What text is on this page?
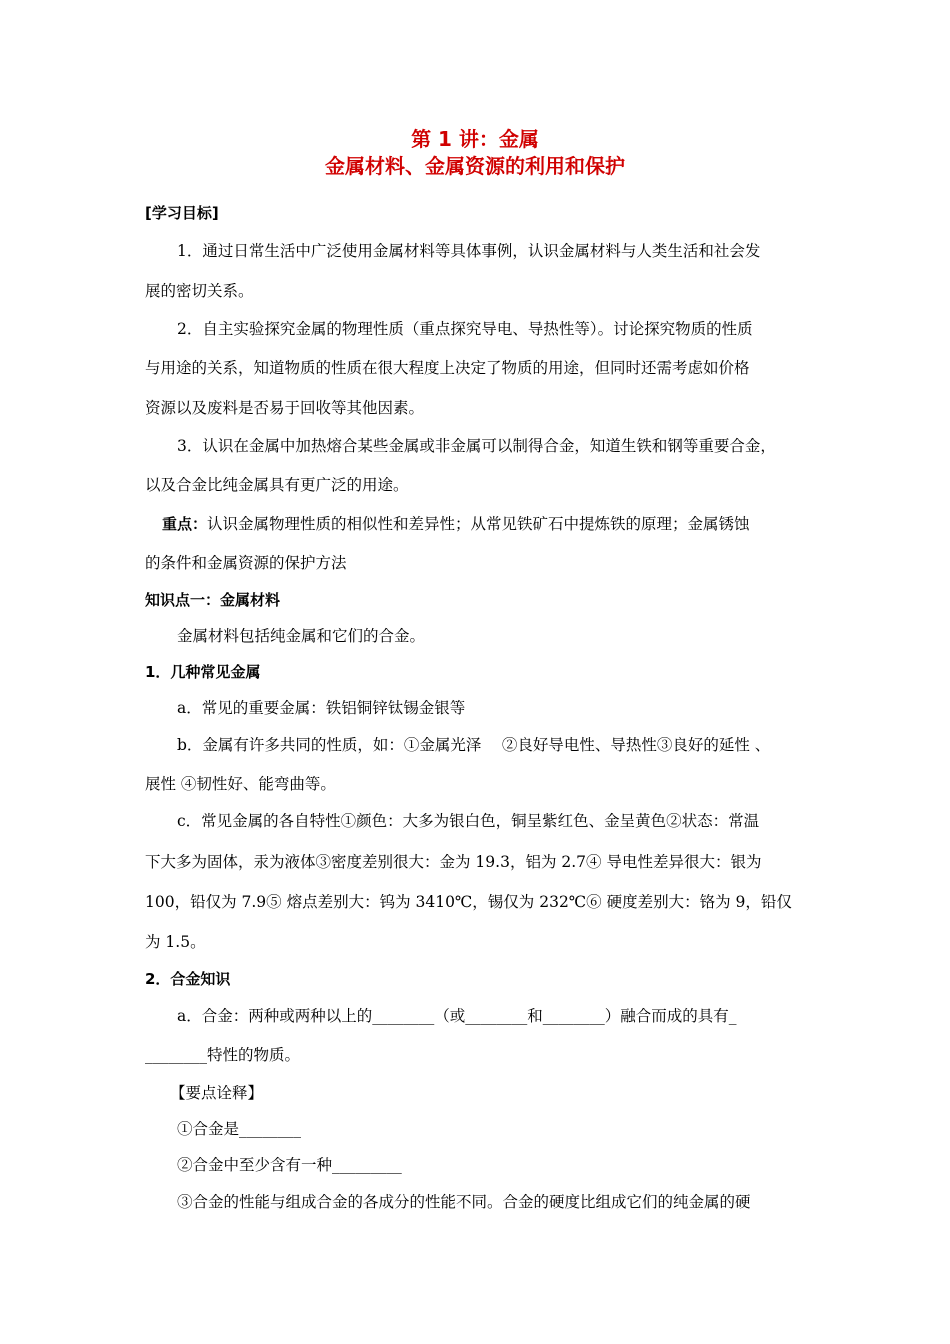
第 1 讲：金属
金属材料、金属资源的利用和保护
[学习目标]
1．通过日常生活中广泛使用金属材料等具体事例，认识金属材料与人类生活和社会发
展的密切关系。
2．自主实验探究金属的物理性质（重点探究导电、导热性等）。讨论探究物质的性质
与用途的关系，知道物质的性质在很大程度上决定了物质的用途，但同时还需考虑如价格
资源以及废料是否易于回收等其他因素。
3．认识在金属中加热熔合某些金属或非金属可以制得合金，知道生铁和钢等重要合金，
以及合金比纯金属具有更广泛的用途。
重点：认识金属物理性质的相似性和差异性；从常见铁矿石中提炼铁的原理；金属锈蚀
的条件和金属资源的保护方法
知识点一：金属材料
金属材料包括纯金属和它们的合金。
1．几种常见金属
a．常见的重要金属：铁铝铜锌钛锡金银等
b．金属有许多共同的性质，如：①金属光泽　 ②良好导电性、导热性③良好的延性 、
展性 ④韧性好、能弯曲等。
c．常见金属的各自特性①颜色：大多为银白色，铜呈紫红色、金呈黄色②状态：常温
下大多为固体，汞为液体③密度差别很大：金为 19.3，铝为 2.7④ 导电性差异很大：银为
100，铅仅为 7.9⑤ 熔点差别大：钨为 3410℃，锡仅为 232℃⑥ 硬度差别大：铬为 9，铅仅
为 1.5。
2．合金知识
a．合金：两种或两种以上的________（或________和________）融合而成的具有_
________特性的物质。
【要点诠释】
①合金是________
②合金中至少含有一种_________
③合金的性能与组成合金的各成分的性能不同。合金的硬度比组成它们的纯金属的硬
